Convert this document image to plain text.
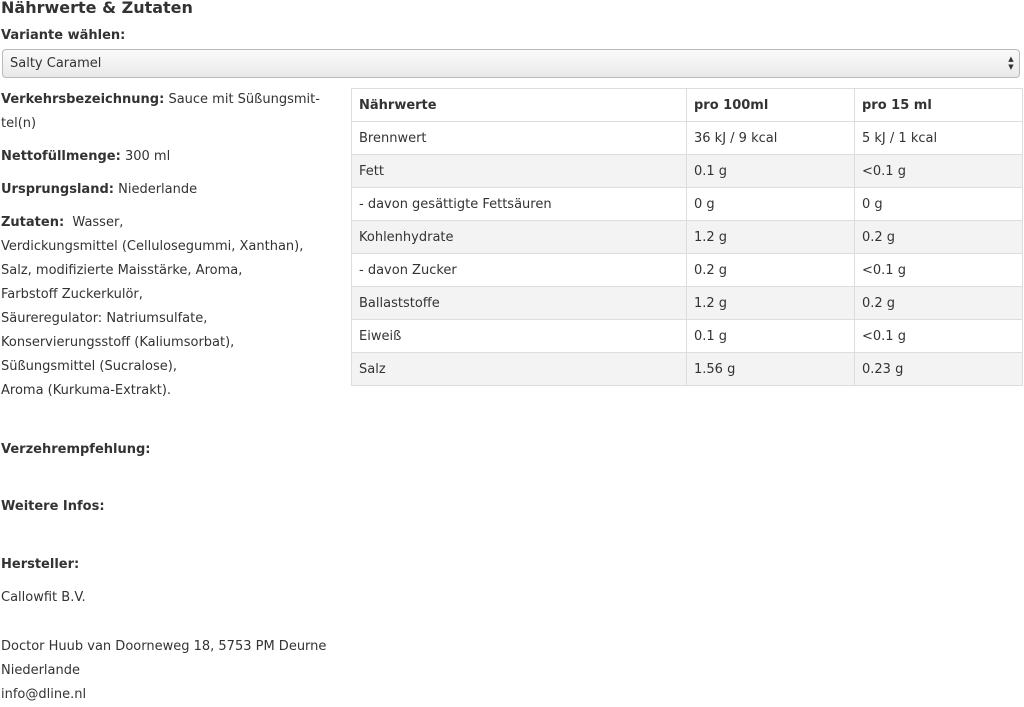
Nährwerte & Zutaten
Variante wählen:
Salty Caramel	▲
▼
Verkehrsbezeichnung: Sauce mit Süßungsmit-
tel(n)
Nettofüllmenge: 300 ml
Ursprungsland: Niederlande
Zutaten: Wasser,
Verdickungsmittel (Cellulosegummi, Xanthan),
Salz, modifizierte Maisstärke, Aroma,
Farbstoff Zuckerkulör,
Säureregulator: Natriumsulfate,
Konservierungsstoff (Kaliumsorbat),
Süßungsmittel (Sucralose),
Aroma (Kurkuma-Extrakt).
Verzehrempfehlung:
Weitere Infos:
Hersteller:
Callowfit B.V.
Doctor Huub van Doorneweg 18, 5753 PM Deurne
Niederlande
info@dline.nl
Nährwerte	pro 100ml	pro 15 ml
Brennwert	36 kJ / 9 kcal	5 kJ / 1 kcal
Fett	0.1 g	<0.1 g
- davon gesättigte Fettsäuren	0 g	0 g
Kohlenhydrate	1.2 g	0.2 g
- davon Zucker	0.2 g	<0.1 g
Ballaststoffe	1.2 g	0.2 g
Eiweiß	0.1 g	<0.1 g
Salz	1.56 g	0.23 g
